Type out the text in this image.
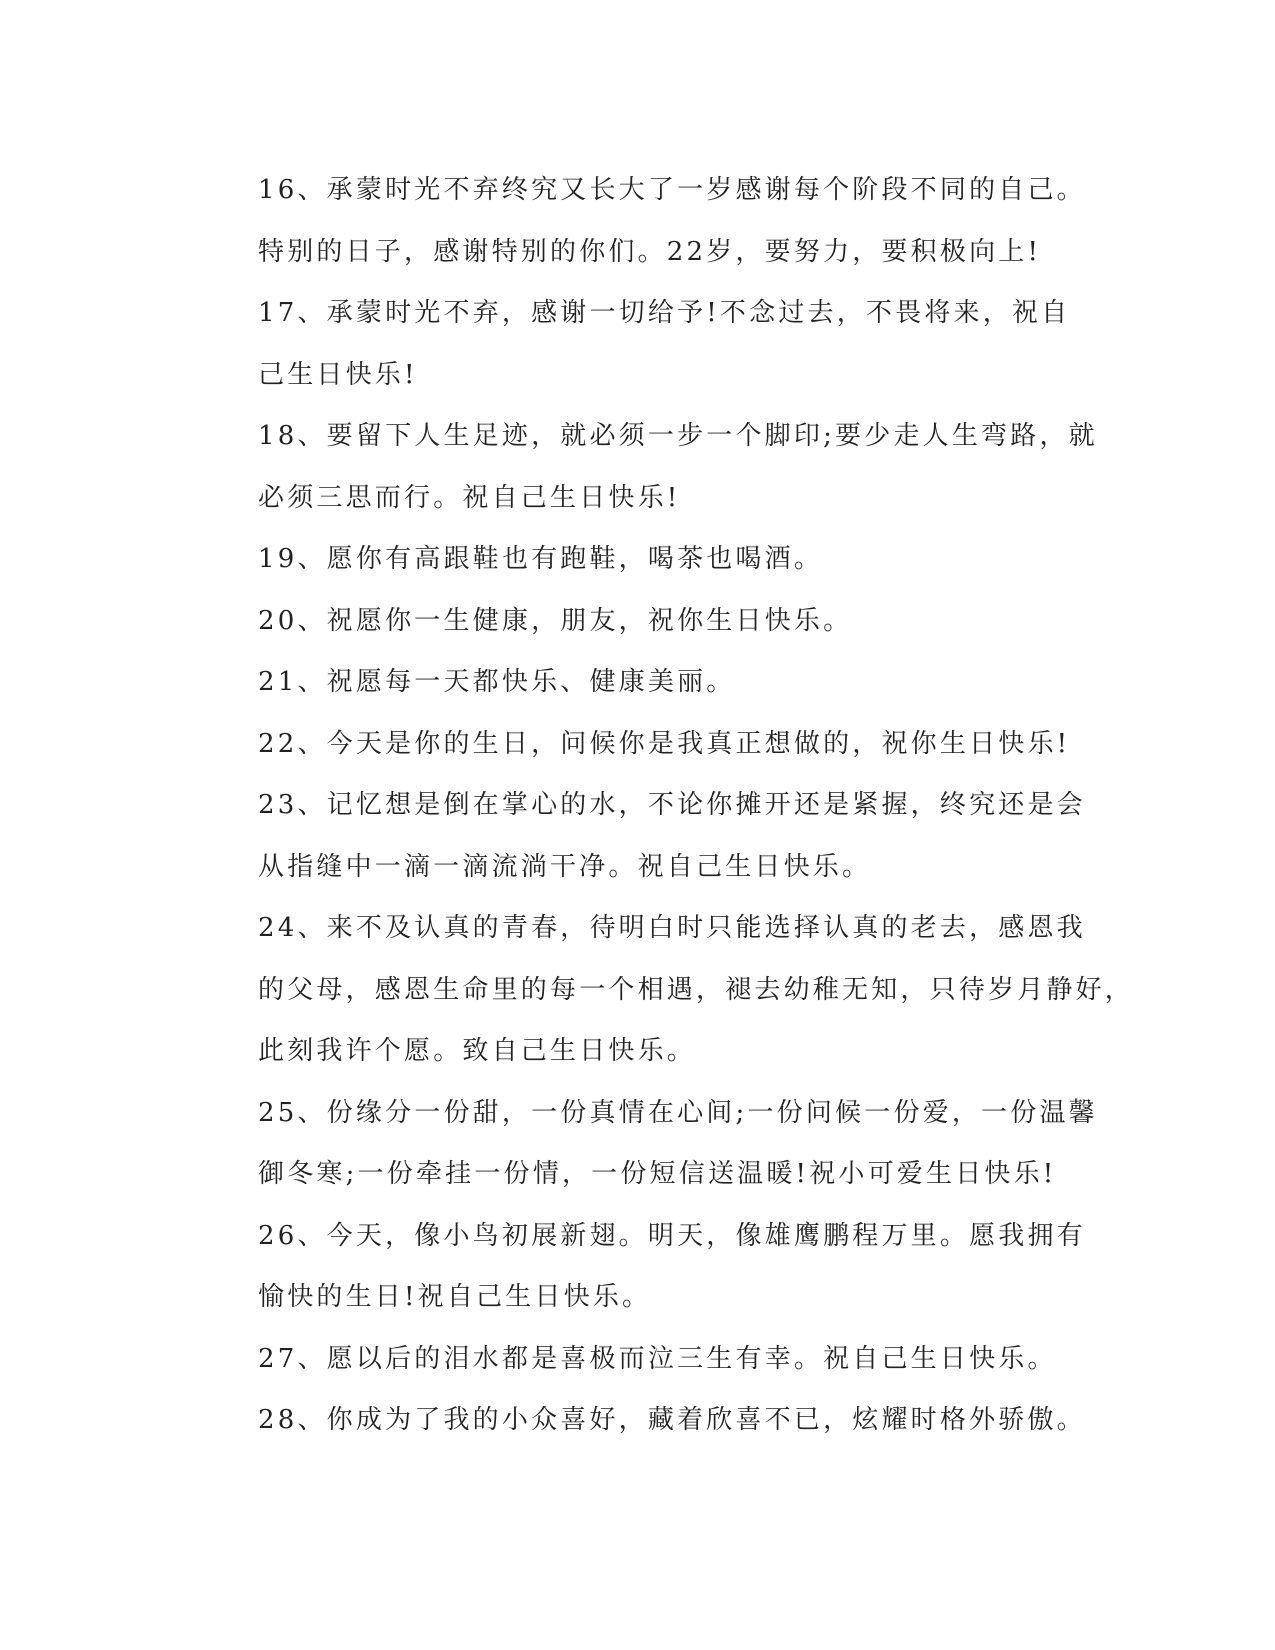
16、承蒙时光不弃终究又长大了一岁感谢每个阶段不同的自己。
特别的日子，感谢特别的你们。22岁，要努力，要积极向上!

17、承蒙时光不弃，感谢一切给予!不念过去，不畏将来，祝自
己生日快乐!

18、要留下人生足迹，就必须一步一个脚印;要少走人生弯路，就
必须三思而行。祝自己生日快乐!

19、愿你有高跟鞋也有跑鞋，喝茶也喝酒。

20、祝愿你一生健康，朋友，祝你生日快乐。

21、祝愿每一天都快乐、健康美丽。

22、今天是你的生日，问候你是我真正想做的，祝你生日快乐!

23、记忆想是倒在掌心的水，不论你摊开还是紧握，终究还是会
从指缝中一滴一滴流淌干净。祝自己生日快乐。

24、来不及认真的青春，待明白时只能选择认真的老去，感恩我
的父母，感恩生命里的每一个相遇，褪去幼稚无知，只待岁月静好，
此刻我许个愿。致自己生日快乐。

25、份缘分一份甜，一份真情在心间;一份问候一份爱，一份温馨
御冬寒;一份牵挂一份情，一份短信送温暖!祝小可爱生日快乐!

26、今天，像小鸟初展新翅。明天，像雄鹰鹏程万里。愿我拥有
愉快的生日!祝自己生日快乐。

27、愿以后的泪水都是喜极而泣三生有幸。祝自己生日快乐。

28、你成为了我的小众喜好，藏着欣喜不已，炫耀时格外骄傲。
